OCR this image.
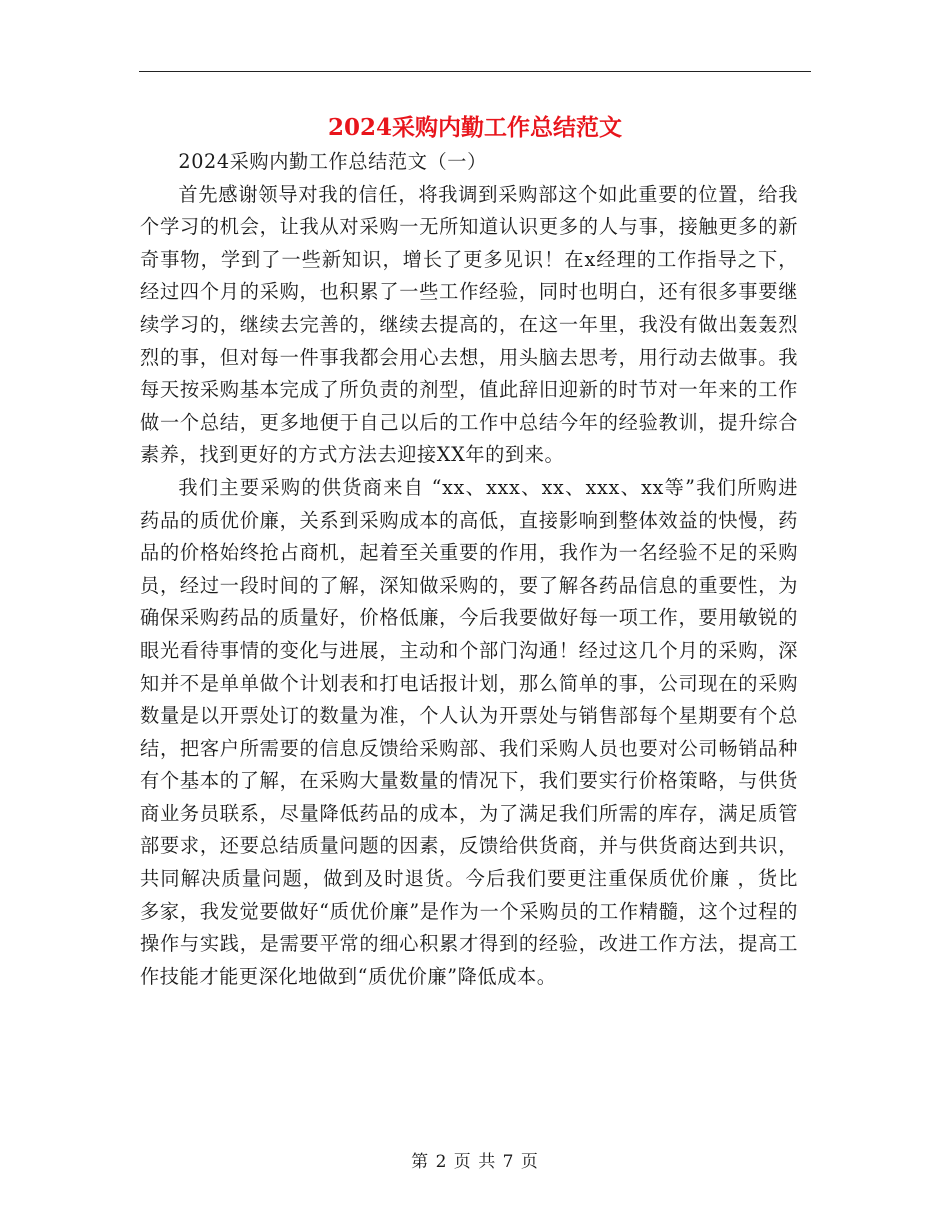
2024采购内勤工作总结范文

2024采购内勤工作总结范文（一）

首先感谢领导对我的信任，将我调到采购部这个如此重要的位置，给我个学习的机会，让我从对采购一无所知道认识更多的人与事，接触更多的新奇事物，学到了一些新知识，增长了更多见识！在x经理的工作指导之下，经过四个月的采购，也积累了一些工作经验，同时也明白，还有很多事要继续学习的，继续去完善的，继续去提高的，在这一年里，我没有做出轰轰烈烈的事，但对每一件事我都会用心去想，用头脑去思考，用行动去做事。我每天按采购基本完成了所负责的剂型，值此辞旧迎新的时节对一年来的工作做一个总结，更多地便于自己以后的工作中总结今年的经验教训，提升综合素养，找到更好的方式方法去迎接XX年的到来。

我们主要采购的供货商来自 “xx、xxx、xx、xxx、xx等”我们所购进药品的质优价廉，关系到采购成本的高低，直接影响到整体效益的快慢，药品的价格始终抢占商机，起着至关重要的作用，我作为一名经验不足的采购员，经过一段时间的了解，深知做采购的，要了解各药品信息的重要性，为确保采购药品的质量好，价格低廉，今后我要做好每一项工作，要用敏锐的眼光看待事情的变化与进展，主动和个部门沟通！经过这几个月的采购，深知并不是单单做个计划表和打电话报计划，那么简单的事，公司现在的采购数量是以开票处订的数量为准，个人认为开票处与销售部每个星期要有个总结，把客户所需要的信息反馈给采购部、我们采购人员也要对公司畅销品种有个基本的了解，在采购大量数量的情况下，我们要实行价格策略，与供货商业务员联系，尽量降低药品的成本，为了满足我们所需的库存，满足质管部要求，还要总结质量问题的因素，反馈给供货商，并与供货商达到共识，共同解决质量问题，做到及时退货。今后我们要更注重保质优价廉 ，货比多家，我发觉要做好“质优价廉”是作为一个采购员的工作精髓，这个过程的操作与实践，是需要平常的细心积累才得到的经验，改进工作方法，提高工作技能才能更深化地做到“质优价廉”降低成本。

第 2 页 共 7 页
